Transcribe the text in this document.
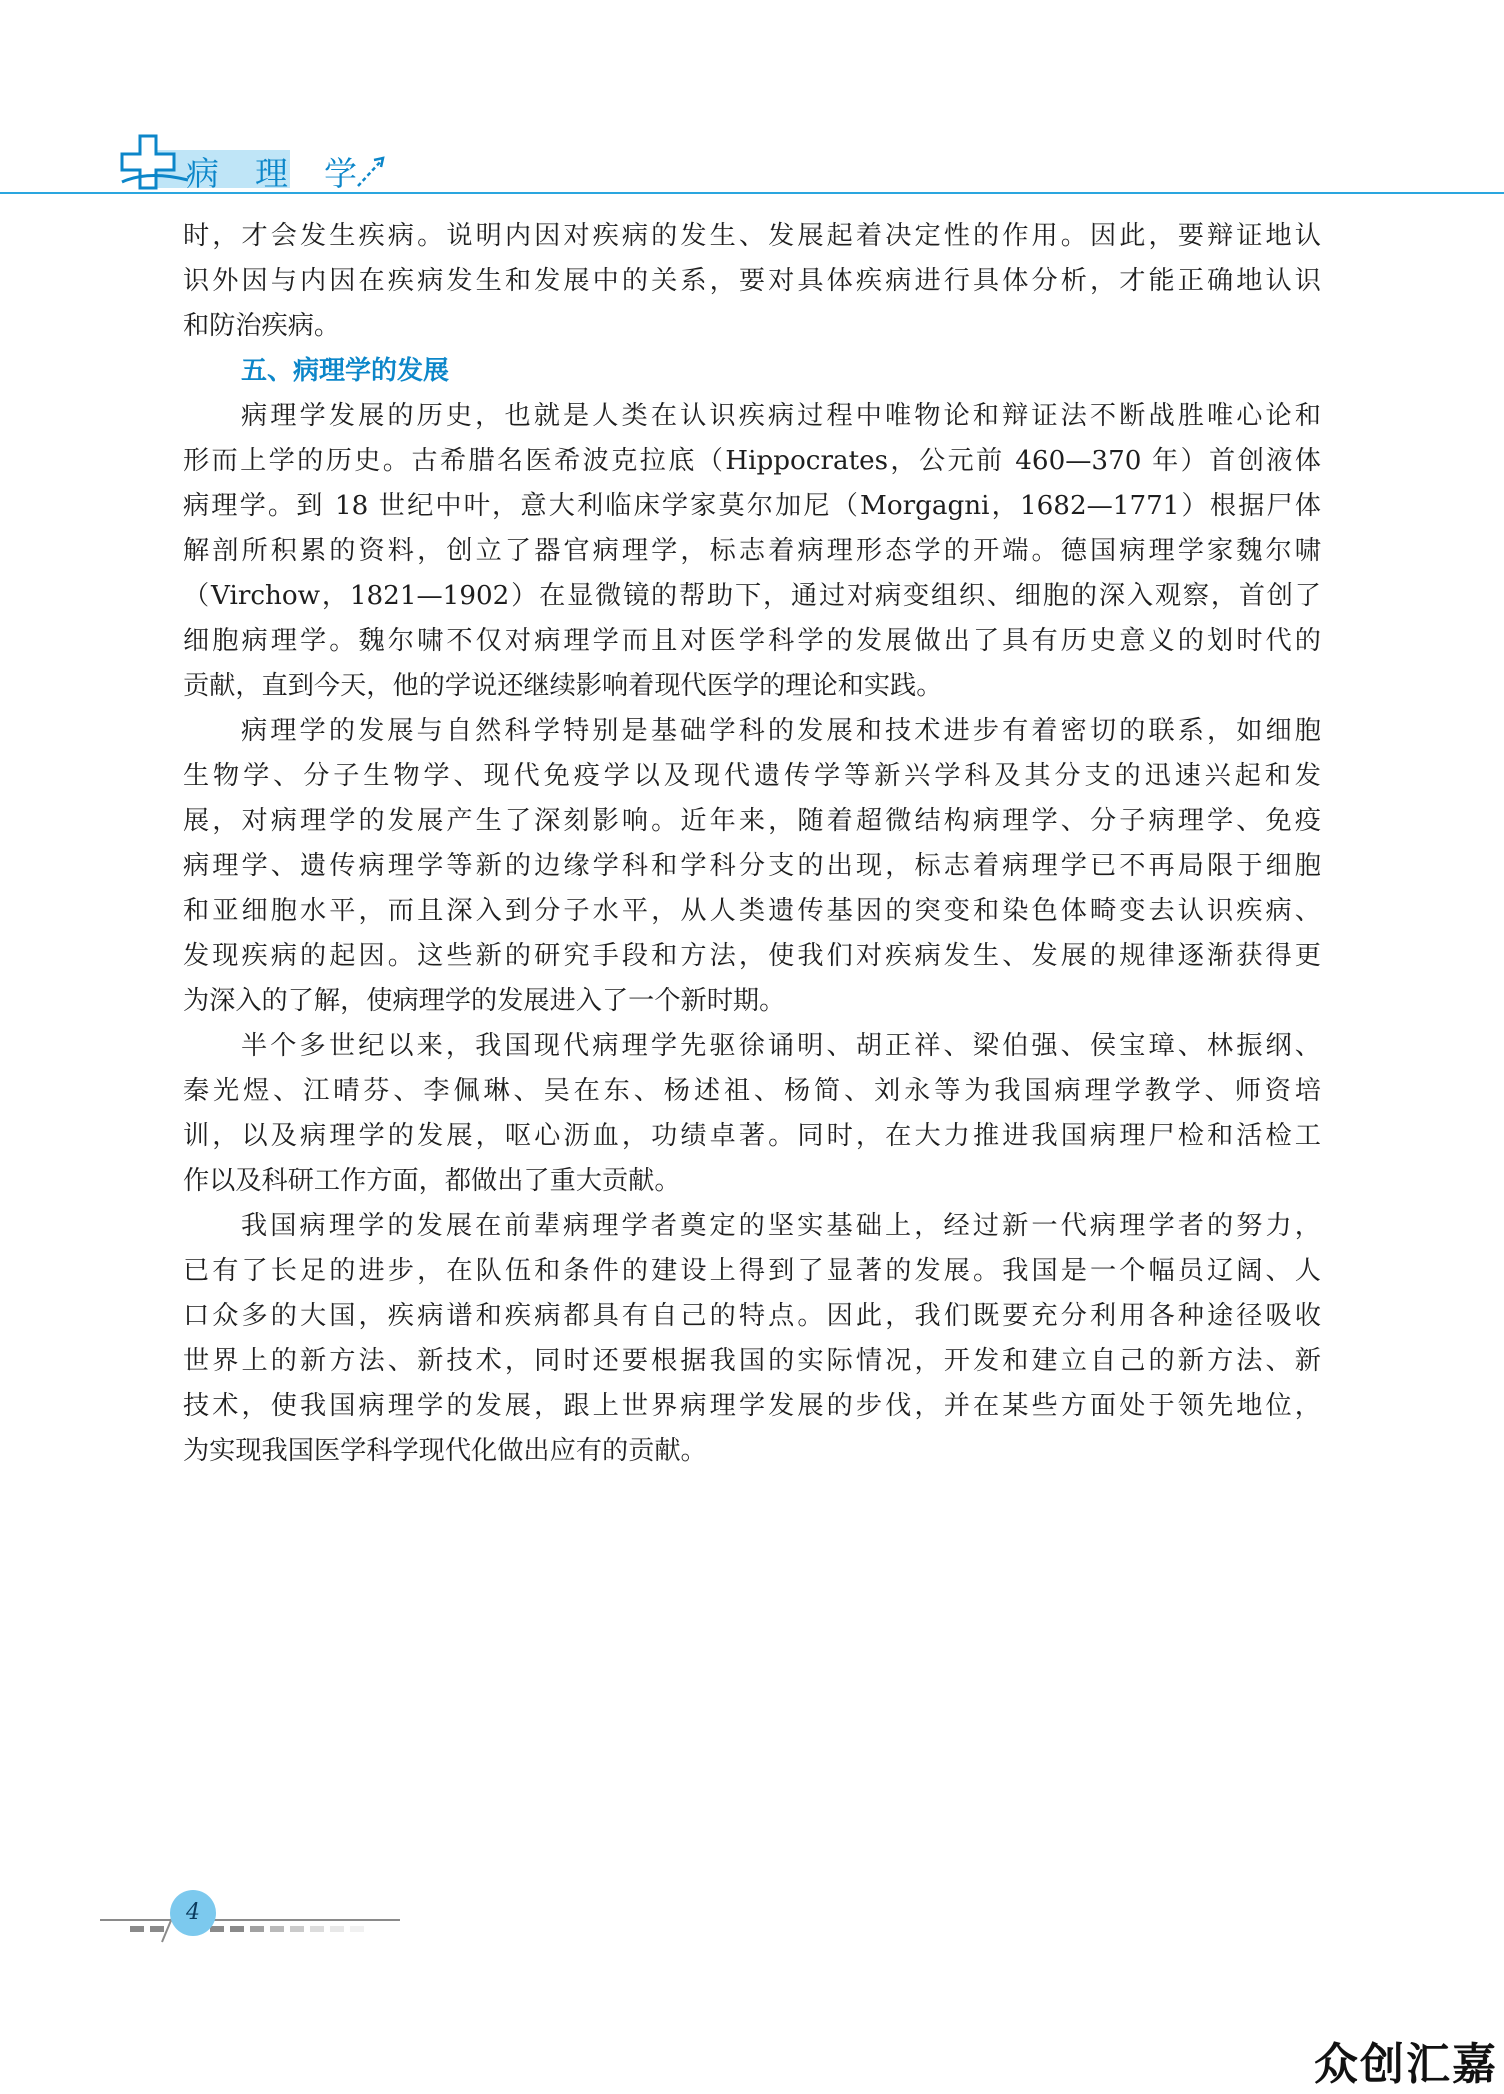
病理学
时，才会发生疾病。说明内因对疾病的发生、发展起着决定性的作用。因此，要辩证地认
识外因与内因在疾病发生和发展中的关系，要对具体疾病进行具体分析，才能正确地认识
和防治疾病。
五、病理学的发展
病理学发展的历史，也就是人类在认识疾病过程中唯物论和辩证法不断战胜唯心论和
形而上学的历史。古希腊名医希波克拉底（Hippocrates，公元前 460—370 年）首创液体
病理学。到 18 世纪中叶，意大利临床学家莫尔加尼（Morgagni，1682—1771）根据尸体
解剖所积累的资料，创立了器官病理学，标志着病理形态学的开端。德国病理学家魏尔啸
（Virchow，1821—1902）在显微镜的帮助下，通过对病变组织、细胞的深入观察，首创了
细胞病理学。魏尔啸不仅对病理学而且对医学科学的发展做出了具有历史意义的划时代的
贡献，直到今天，他的学说还继续影响着现代医学的理论和实践。
病理学的发展与自然科学特别是基础学科的发展和技术进步有着密切的联系，如细胞
生物学、分子生物学、现代免疫学以及现代遗传学等新兴学科及其分支的迅速兴起和发
展，对病理学的发展产生了深刻影响。近年来，随着超微结构病理学、分子病理学、免疫
病理学、遗传病理学等新的边缘学科和学科分支的出现，标志着病理学已不再局限于细胞
和亚细胞水平，而且深入到分子水平，从人类遗传基因的突变和染色体畸变去认识疾病、
发现疾病的起因。这些新的研究手段和方法，使我们对疾病发生、发展的规律逐渐获得更
为深入的了解，使病理学的发展进入了一个新时期。
半个多世纪以来，我国现代病理学先驱徐诵明、胡正祥、梁伯强、侯宝璋、林振纲、
秦光煜、江晴芬、李佩琳、吴在东、杨述祖、杨简、刘永等为我国病理学教学、师资培
训，以及病理学的发展，呕心沥血，功绩卓著。同时，在大力推进我国病理尸检和活检工
作以及科研工作方面，都做出了重大贡献。
我国病理学的发展在前辈病理学者奠定的坚实基础上，经过新一代病理学者的努力，
已有了长足的进步，在队伍和条件的建设上得到了显著的发展。我国是一个幅员辽阔、人
口众多的大国，疾病谱和疾病都具有自己的特点。因此，我们既要充分利用各种途径吸收
世界上的新方法、新技术，同时还要根据我国的实际情况，开发和建立自己的新方法、新
技术，使我国病理学的发展，跟上世界病理学发展的步伐，并在某些方面处于领先地位，
为实现我国医学科学现代化做出应有的贡献。
4
众创汇嘉
